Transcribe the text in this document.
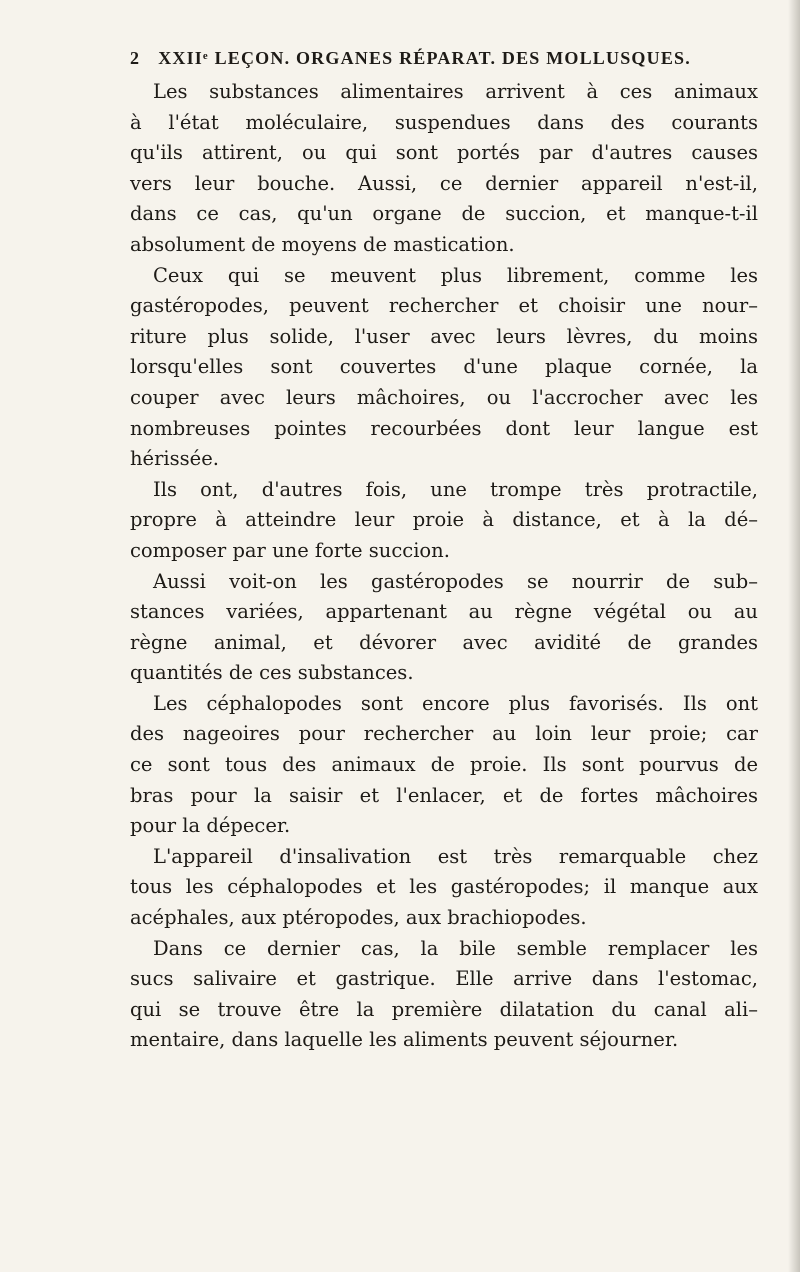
2 XXIIᵉ LEÇON. ORGANES RÉPARAT. DES MOLLUSQUES.

Les substances alimentaires arrivent à ces animaux
à l'état moléculaire, suspendues dans des courants
qu'ils attirent, ou qui sont portés par d'autres causes
vers leur bouche. Aussi, ce dernier appareil n'est-il,
dans ce cas, qu'un organe de succion, et manque-t-il
absolument de moyens de mastication.

Ceux qui se meuvent plus librement, comme les
gastéropodes, peuvent rechercher et choisir une nour–
riture plus solide, l'user avec leurs lèvres, du moins
lorsqu'elles sont couvertes d'une plaque cornée, la
couper avec leurs mâchoires, ou l'accrocher avec les
nombreuses pointes recourbées dont leur langue est
hérissée.

Ils ont, d'autres fois, une trompe très protractile,
propre à atteindre leur proie à distance, et à la dé–
composer par une forte succion.

Aussi voit-on les gastéropodes se nourrir de sub–
stances variées, appartenant au règne végétal ou au
règne animal, et dévorer avec avidité de grandes
quantités de ces substances.

Les céphalopodes sont encore plus favorisés. Ils ont
des nageoires pour rechercher au loin leur proie; car
ce sont tous des animaux de proie. Ils sont pourvus de
bras pour la saisir et l'enlacer, et de fortes mâchoires
pour la dépecer.

L'appareil d'insalivation est très remarquable chez
tous les céphalopodes et les gastéropodes; il manque aux
acéphales, aux ptéropodes, aux brachiopodes.

Dans ce dernier cas, la bile semble remplacer les
sucs salivaire et gastrique. Elle arrive dans l'estomac,
qui se trouve être la première dilatation du canal ali–
mentaire, dans laquelle les aliments peuvent séjourner.
